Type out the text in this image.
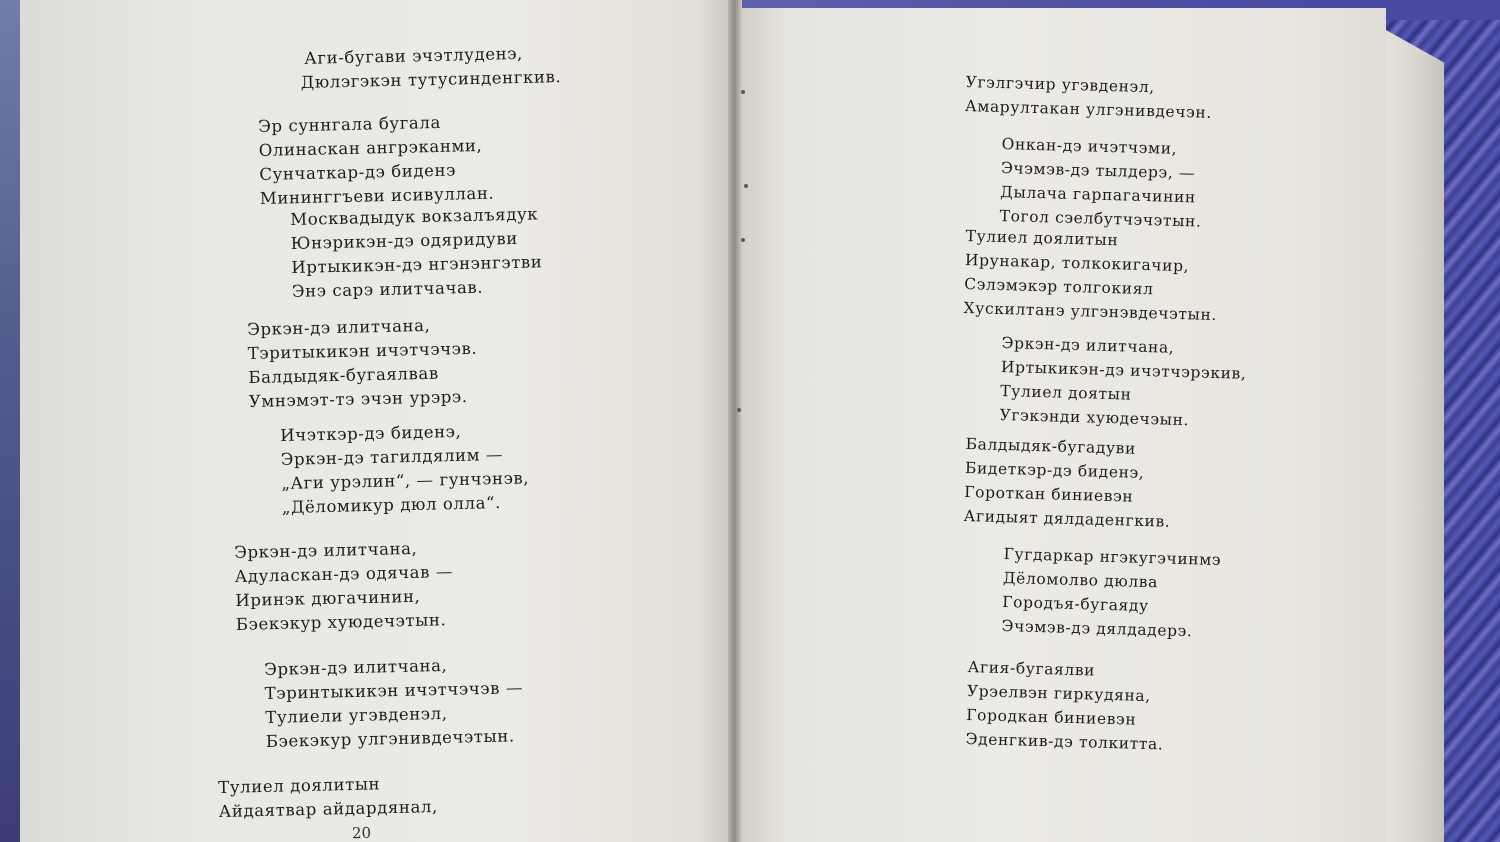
Аги-бугави эчэтлуденэ,
Дюлэгэкэн тутусинденгкив.

Эр суннгала бугала
Олинаскан ангрэканми,
Сунчаткар-дэ биденэ
Мининггъеви исивуллан.

Москвадыдук вокзалъядук
Юнэрикэн-дэ одяридуви
Иртыкикэн-дэ нгэнэнгэтви
Энэ сарэ илитчачав.

Эркэн-дэ илитчана,
Тэритыкикэн ичэтчэчэв.
Балдыдяк-бугаялвав
Умнэмэт-тэ эчэн урэрэ.

Ичэткэр-дэ биденэ,
Эркэн-дэ тагилдялим —
„Аги урэлин“, — гунчэнэв,
„Дёломикур дюл олла“.

Эркэн-дэ илитчана,
Адуласкан-дэ одячав —
Иринэк дюгачинин,
Бэекэкур хуюдечэтын.

Эркэн-дэ илитчана,
Тэринтыкикэн ичэтчэчэв —
Тулиели угэвденэл,
Бэекэкур улгэнивдечэтын.

Тулиел доялитын
Айдаятвар айдардянал,

20

Угэлгэчир угэвденэл,
Амарултакан улгэнивдечэн.

Онкан-дэ ичэтчэми,
Эчэмэв-дэ тылдерэ, —
Дылача гарпагачинин
Тогол сэелбутчэчэтын.

Тулиел доялитын
Ирунакар, толкокигачир,
Сэлэмэкэр толгокиял
Хускилтанэ улгэнэвдечэтын.

Эркэн-дэ илитчана,
Иртыкикэн-дэ ичэтчэрэкив,
Тулиел доятын
Угэкэнди хуюдечэын.

Балдыдяк-бугадуви
Бидеткэр-дэ биденэ,
Гороткан биниевэн
Агидыят дялдаденгкив.

Гугдаркар нгэкугэчинмэ
Дёломолво дюлва
Городъя-бугаяду
Эчэмэв-дэ дялдадерэ.

Агия-бугаялви
Урэелвэн гиркудяна,
Городкан биниевэн
Эденгкив-дэ толкитта.
